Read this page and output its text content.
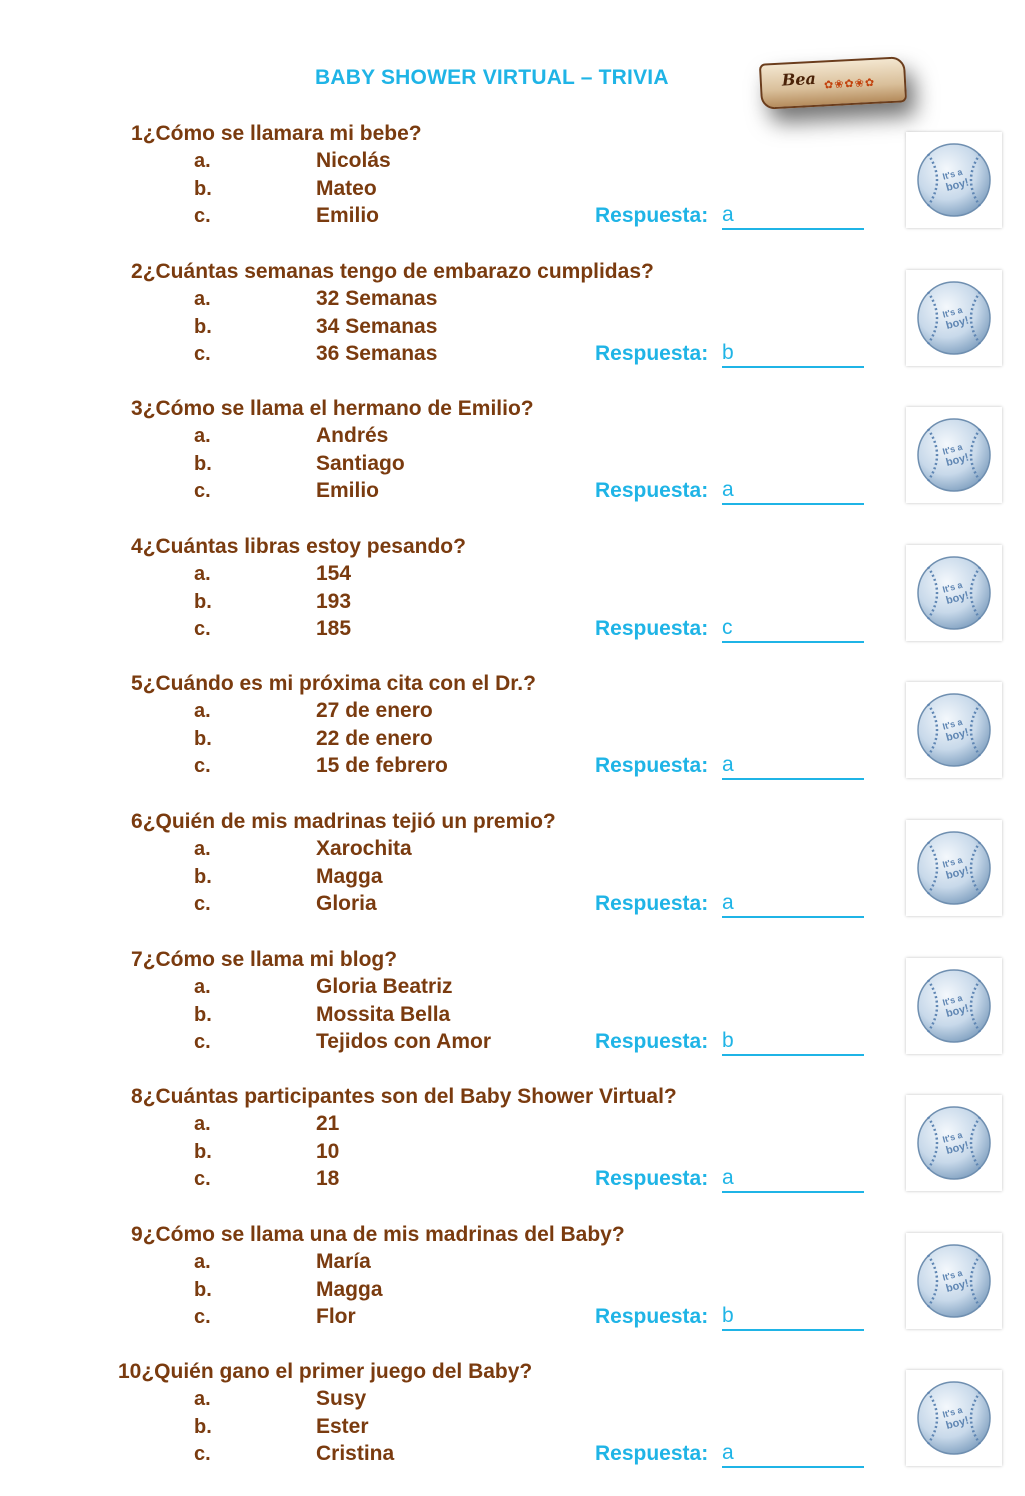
BABY SHOWER VIRTUAL – TRIVIA	Bea ✿❀✿❀✿
1¿Cómo se llamara mi bebe?
a.	Nicolás
b.	Mateo
c.	Emilio	Respuesta: a
It's a
boy!
2¿Cuántas semanas tengo de embarazo cumplidas?
a.	32 Semanas
b.	34 Semanas
c.	36 Semanas	Respuesta: b
It's a
boy!
3¿Cómo se llama el hermano de Emilio?
a.	Andrés
b.	Santiago
c.	Emilio	Respuesta: a
It's a
boy!
4¿Cuántas libras estoy pesando?
a.	154
b.	193
c.	185	Respuesta: c
It's a
boy!
5¿Cuándo es mi próxima cita con el Dr.?
a.	27 de enero
b.	22 de enero
c.	15 de febrero	Respuesta: a
It's a
boy!
6¿Quién de mis madrinas tejió un premio?
a.	Xarochita
b.	Magga
c.	Gloria	Respuesta: a
It's a
boy!
7¿Cómo se llama mi blog?
a.	Gloria Beatriz
b.	Mossita Bella
c.	Tejidos con Amor	Respuesta: b
It's a
boy!
8¿Cuántas participantes son del Baby Shower Virtual?
a.	21
b.	10
c.	18	Respuesta: a
It's a
boy!
9¿Cómo se llama una de mis madrinas del Baby?
a.	María
b.	Magga
c.	Flor	Respuesta: b
It's a
boy!
10¿Quién gano el primer juego del Baby?
a.	Susy
b.	Ester
c.	Cristina	Respuesta: a
It's a
boy!
